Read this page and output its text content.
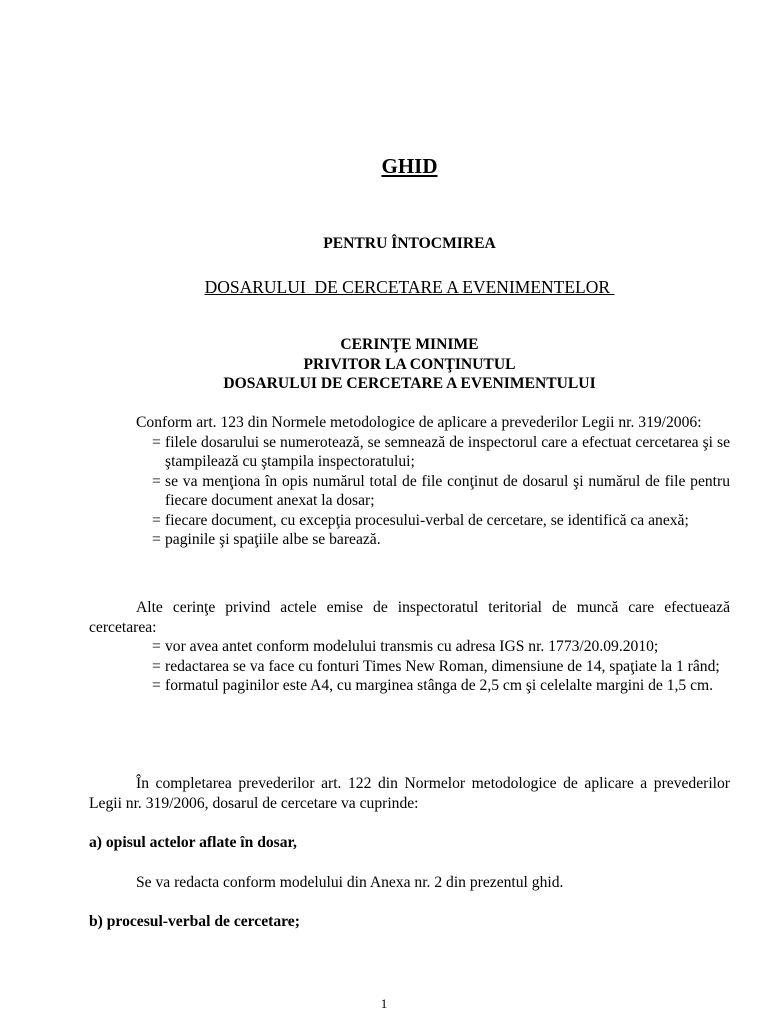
GHID

PENTRU ÎNTOCMIREA

DOSARULUI  DE CERCETARE A EVENIMENTELOR

CERINŢE MINIME
PRIVITOR LA CONŢINUTUL
DOSARULUI DE CERCETARE A EVENIMENTULUI

Conform art. 123 din Normele metodologice de aplicare a prevederilor Legii nr. 319/2006:

= filele dosarului se numerotează, se semnează de inspectorul care a efectuat cercetarea şi se ştampilează cu ştampila inspectoratului;
= se va menţiona în opis numărul total de file conţinut de dosarul şi numărul de file pentru fiecare document anexat la dosar;
= fiecare document, cu excepţia procesului-verbal de cercetare, se identifică ca anexă;
= paginile şi spaţiile albe se barează.

Alte cerinţe privind actele emise de inspectoratul teritorial de muncă care efectuează cercetarea:

= vor avea antet conform modelului transmis cu adresa IGS nr. 1773/20.09.2010;
= redactarea se va face cu fonturi Times New Roman, dimensiune de 14, spaţiate la 1 rând;
= formatul paginilor este A4, cu marginea stânga de 2,5 cm şi celelalte margini de 1,5 cm.

În completarea prevederilor art. 122 din Normelor metodologice de aplicare a prevederilor Legii nr. 319/2006, dosarul de cercetare va cuprinde:

a) opisul actelor aflate în dosar,

Se va redacta conform modelului din Anexa nr. 2 din prezentul ghid.

b) procesul-verbal de cercetare;

1
